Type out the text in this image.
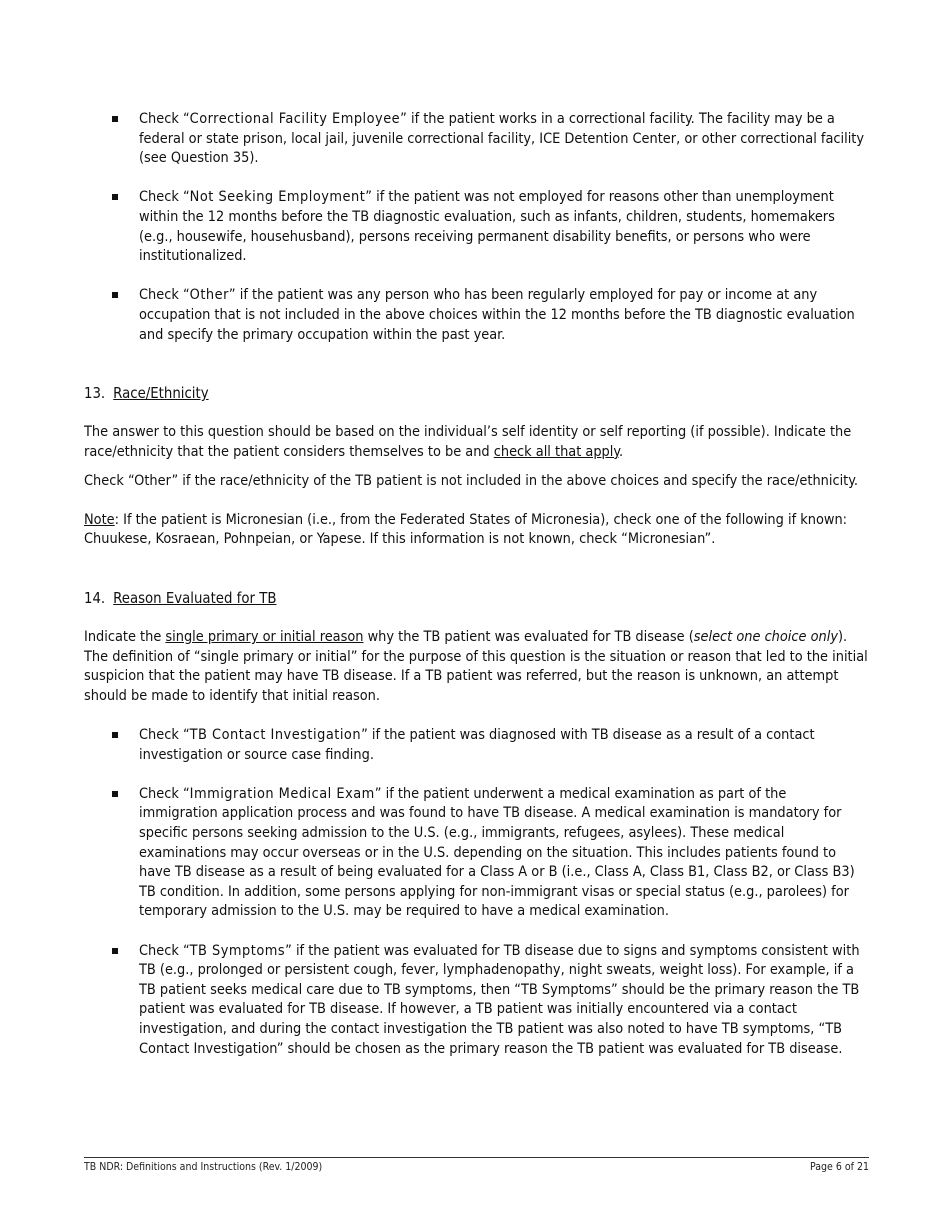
Check “Correctional Facility Employee” if the patient works in a correctional facility. The facility may be a federal or state prison, local jail, juvenile correctional facility, ICE Detention Center, or other correctional facility (see Question 35).
Check “Not Seeking Employment” if the patient was not employed for reasons other than unemployment within the 12 months before the TB diagnostic evaluation, such as infants, children, students, homemakers (e.g., housewife, househusband), persons receiving permanent disability benefits, or persons who were institutionalized.
Check “Other” if the patient was any person who has been regularly employed for pay or income at any occupation that is not included in the above choices within the 12 months before the TB diagnostic evaluation and specify the primary occupation within the past year.
13. Race/Ethnicity

The answer to this question should be based on the individual’s self identity or self reporting (if possible). Indicate the race/ethnicity that the patient considers themselves to be and check all that apply.

Check “Other” if the race/ethnicity of the TB patient is not included in the above choices and specify the race/ethnicity.

Note: If the patient is Micronesian (i.e., from the Federated States of Micronesia), check one of the following if known: Chuukese, Kosraean, Pohnpeian, or Yapese. If this information is not known, check “Micronesian”.

14. Reason Evaluated for TB

Indicate the single primary or initial reason why the TB patient was evaluated for TB disease (select one choice only). The definition of “single primary or initial” for the purpose of this question is the situation or reason that led to the initial suspicion that the patient may have TB disease. If a TB patient was referred, but the reason is unknown, an attempt should be made to identify that initial reason.

Check “TB Contact Investigation” if the patient was diagnosed with TB disease as a result of a contact investigation or source case finding.
Check “Immigration Medical Exam” if the patient underwent a medical examination as part of the immigration application process and was found to have TB disease. A medical examination is mandatory for specific persons seeking admission to the U.S. (e.g., immigrants, refugees, asylees). These medical examinations may occur overseas or in the U.S. depending on the situation. This includes patients found to have TB disease as a result of being evaluated for a Class A or B (i.e., Class A, Class B1, Class B2, or Class B3) TB condition. In addition, some persons applying for non-immigrant visas or special status (e.g., parolees) for temporary admission to the U.S. may be required to have a medical examination.
Check “TB Symptoms” if the patient was evaluated for TB disease due to signs and symptoms consistent with TB (e.g., prolonged or persistent cough, fever, lymphadenopathy, night sweats, weight loss). For example, if a TB patient seeks medical care due to TB symptoms, then “TB Symptoms” should be the primary reason the TB patient was evaluated for TB disease. If however, a TB patient was initially encountered via a contact investigation, and during the contact investigation the TB patient was also noted to have TB symptoms, “TB Contact Investigation” should be chosen as the primary reason the TB patient was evaluated for TB disease.
TB NDR: Definitions and Instructions (Rev. 1/2009)	Page 6 of 21
